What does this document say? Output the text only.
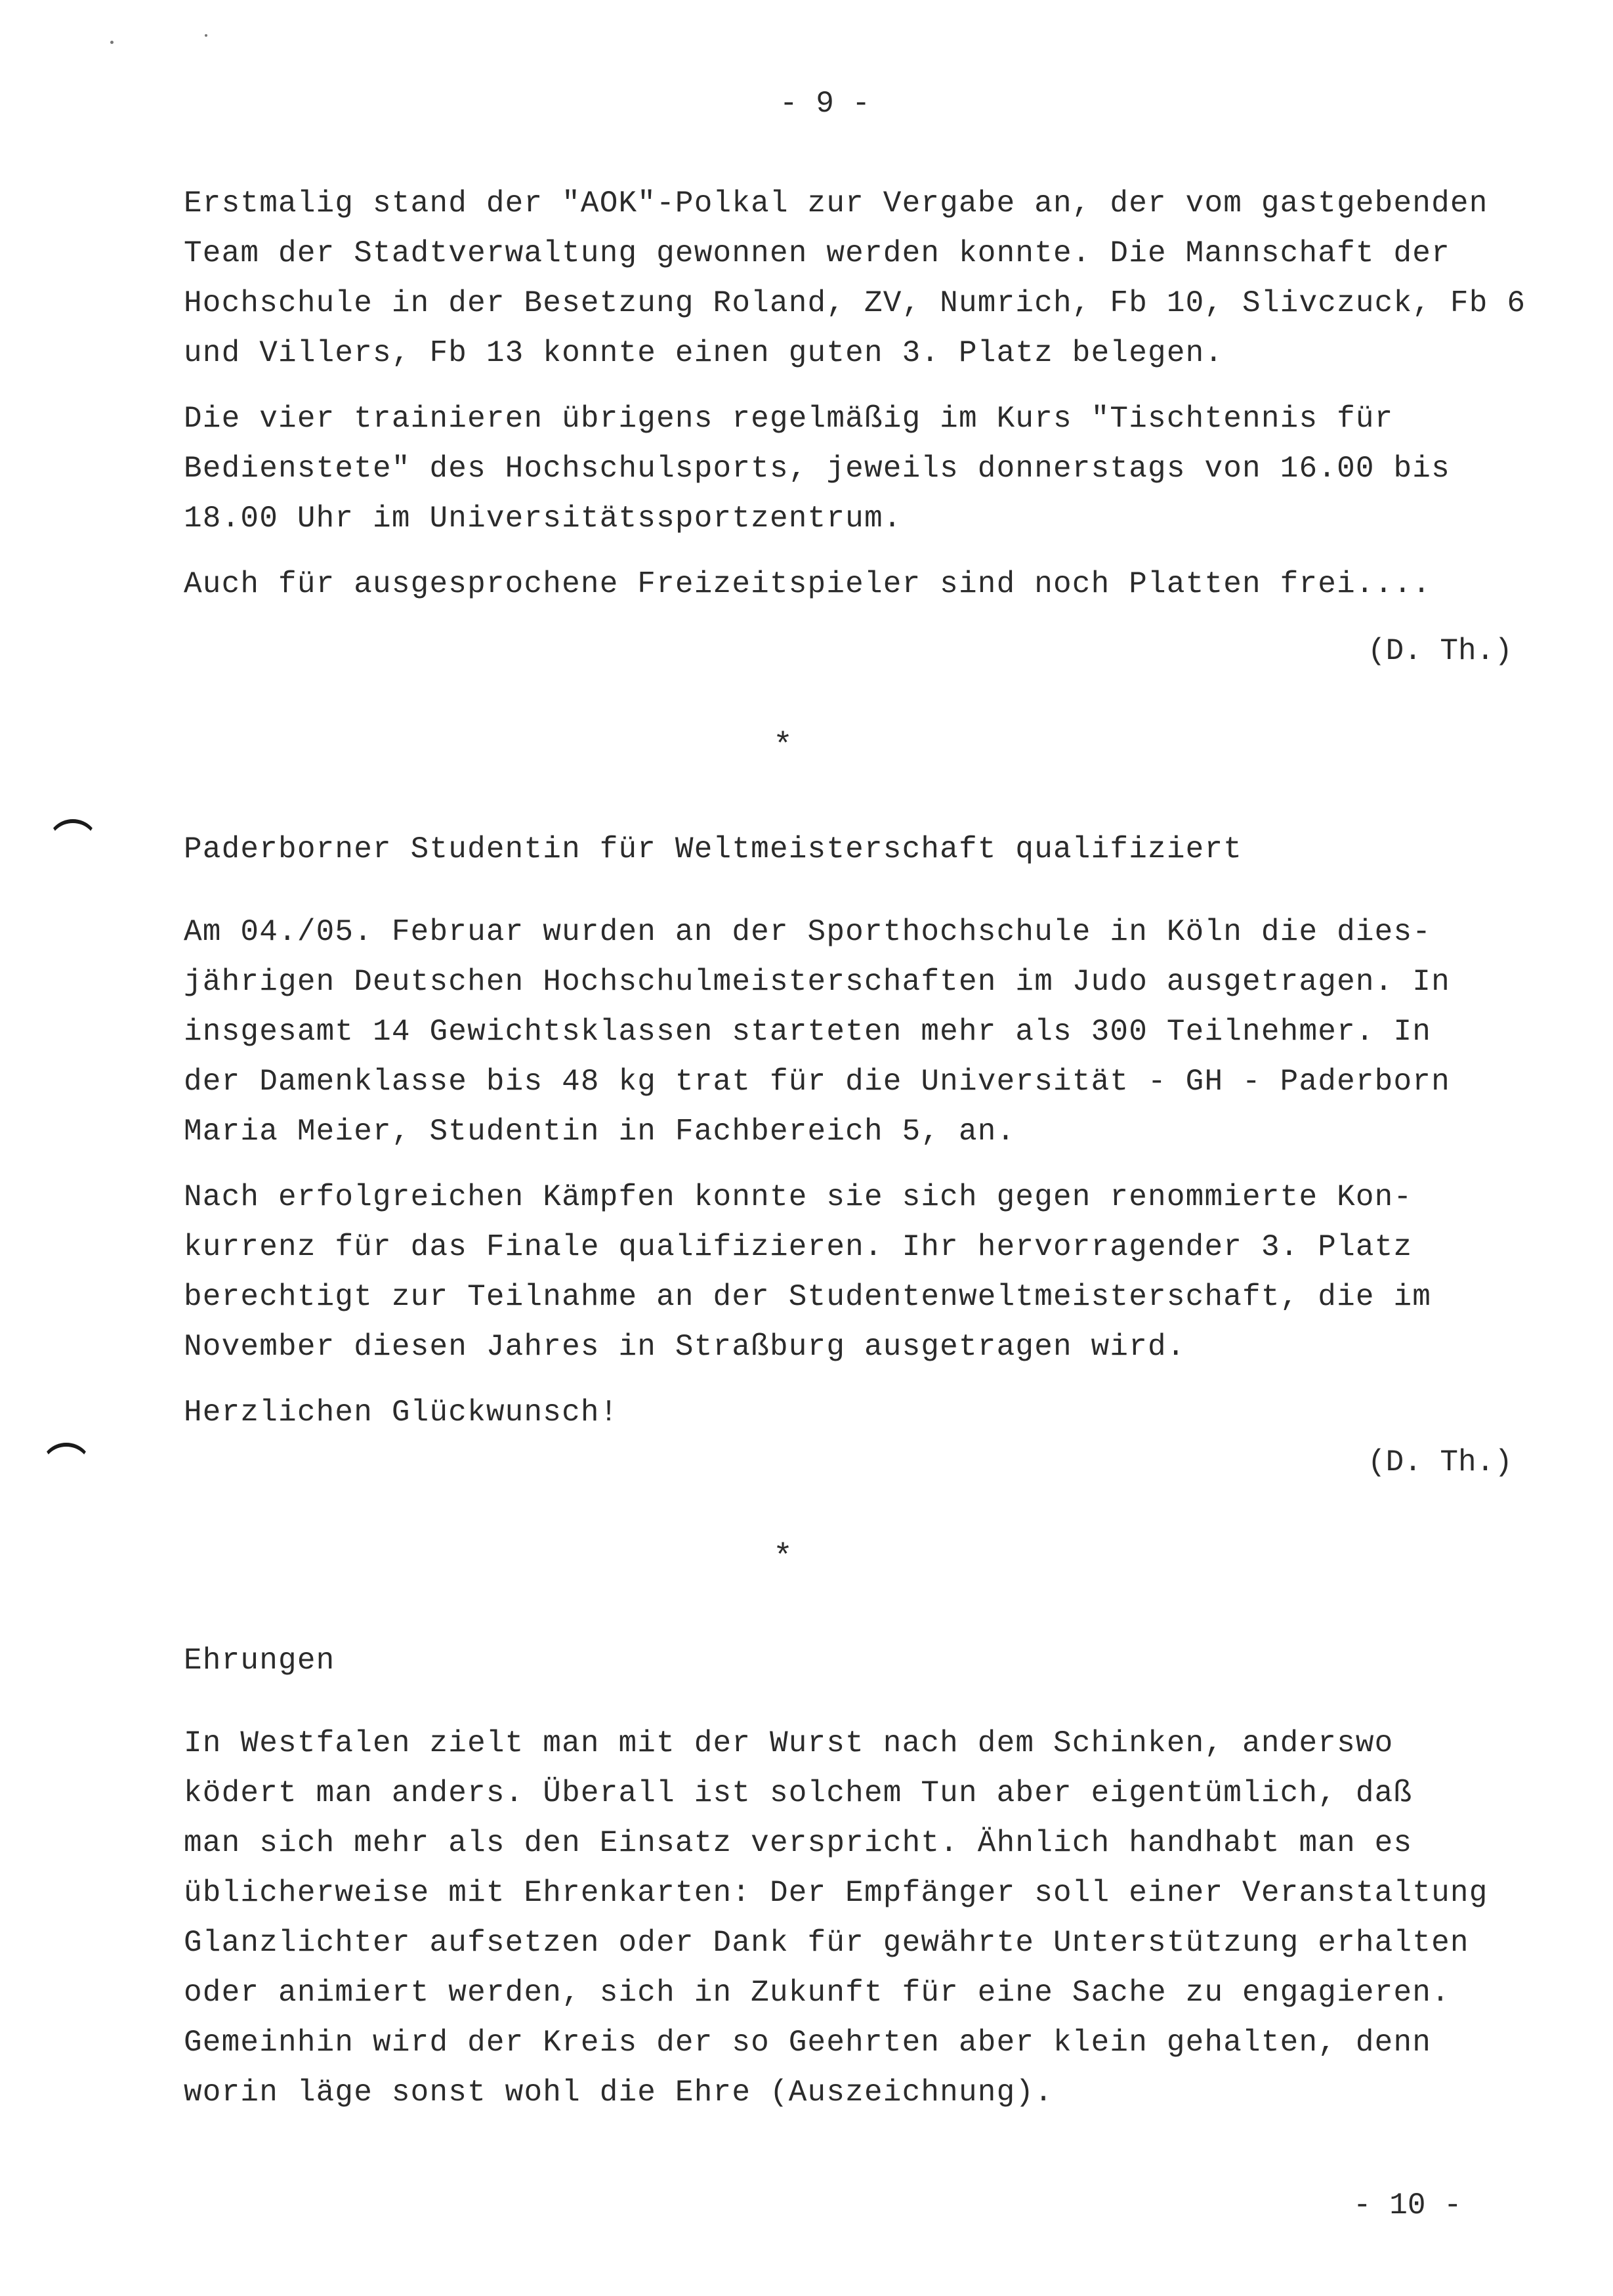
- 9 -
Erstmalig stand der "AOK"-Polkal zur Vergabe an, der vom gastgebenden
Team der Stadtverwaltung gewonnen werden konnte. Die Mannschaft der
Hochschule in der Besetzung Roland, ZV, Numrich, Fb 10, Slivczuck, Fb 6
und Villers, Fb 13 konnte einen guten 3. Platz belegen.
Die vier trainieren übrigens regelmäßig im Kurs "Tischtennis für
Bedienstete" des Hochschulsports, jeweils donnerstags von 16.00 bis
18.00 Uhr im Universitätssportzentrum.
Auch für ausgesprochene Freizeitspieler sind noch Platten frei....
(D. Th.)
*
Paderborner Studentin für Weltmeisterschaft qualifiziert
Am 04./05. Februar wurden an der Sporthochschule in Köln die dies-
jährigen Deutschen Hochschulmeisterschaften im Judo ausgetragen. In
insgesamt 14 Gewichtsklassen starteten mehr als 300 Teilnehmer. In
der Damenklasse bis 48 kg trat für die Universität - GH - Paderborn
Maria Meier, Studentin in Fachbereich 5, an.
Nach erfolgreichen Kämpfen konnte sie sich gegen renommierte Kon-
kurrenz für das Finale qualifizieren. Ihr hervorragender 3. Platz
berechtigt zur Teilnahme an der Studentenweltmeisterschaft, die im
November diesen Jahres in Straßburg ausgetragen wird.
Herzlichen Glückwunsch!
(D. Th.)
*
Ehrungen
In Westfalen zielt man mit der Wurst nach dem Schinken, anderswo
ködert man anders. Überall ist solchem Tun aber eigentümlich, daß
man sich mehr als den Einsatz verspricht. Ähnlich handhabt man es
üblicherweise mit Ehrenkarten: Der Empfänger soll einer Veranstaltung
Glanzlichter aufsetzen oder Dank für gewährte Unterstützung erhalten
oder animiert werden, sich in Zukunft für eine Sache zu engagieren.
Gemeinhin wird der Kreis der so Geehrten aber klein gehalten, denn
worin läge sonst wohl die Ehre (Auszeichnung).
- 10 -
